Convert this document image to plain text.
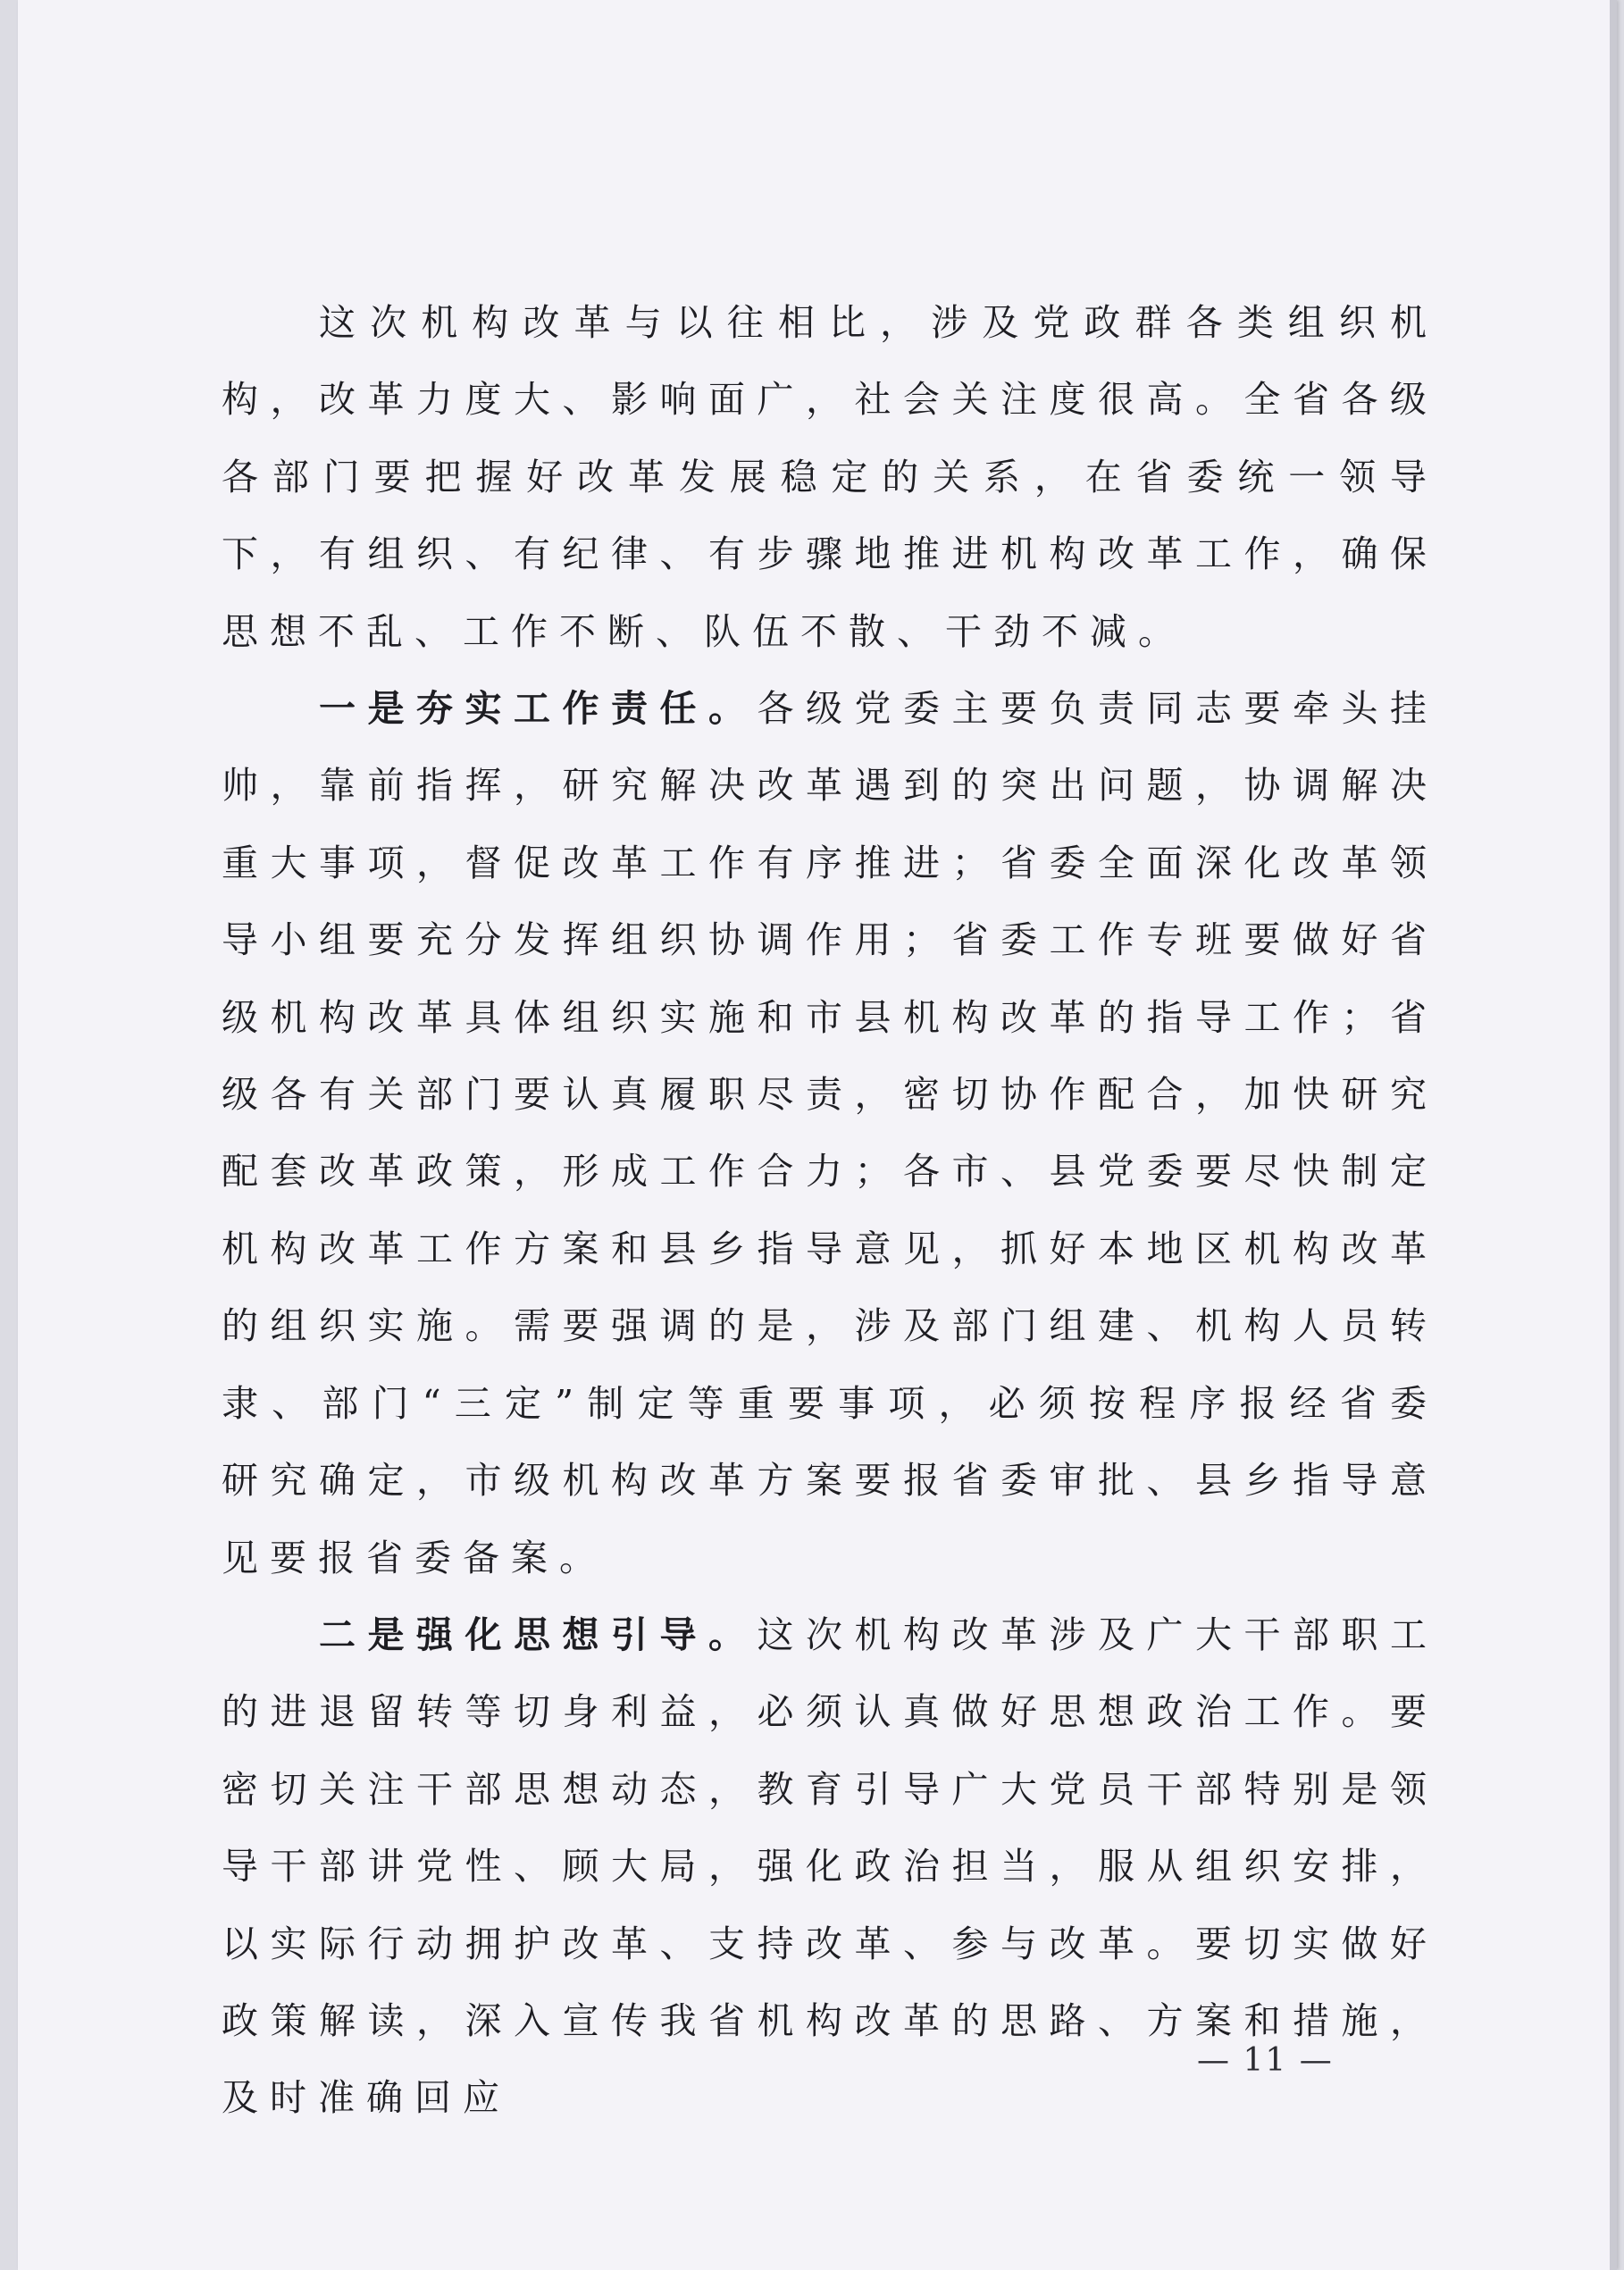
这次机构改革与以往相比，涉及党政群各类组织机构，改革力度大、影响面广，社会关注度很高。全省各级各部门要把握好改革发展稳定的关系，在省委统一领导下，有组织、有纪律、有步骤地推进机构改革工作，确保思想不乱、工作不断、队伍不散、干劲不减。

一是夯实工作责任。各级党委主要负责同志要牵头挂帅，靠前指挥，研究解决改革遇到的突出问题，协调解决重大事项，督促改革工作有序推进；省委全面深化改革领导小组要充分发挥组织协调作用；省委工作专班要做好省级机构改革具体组织实施和市县机构改革的指导工作；省级各有关部门要认真履职尽责，密切协作配合，加快研究配套改革政策，形成工作合力；各市、县党委要尽快制定机构改革工作方案和县乡指导意见，抓好本地区机构改革的组织实施。需要强调的是，涉及部门组建、机构人员转隶、部门“三定”制定等重要事项，必须按程序报经省委研究确定，市级机构改革方案要报省委审批、县乡指导意见要报省委备案。

二是强化思想引导。这次机构改革涉及广大干部职工的进退留转等切身利益，必须认真做好思想政治工作。要密切关注干部思想动态，教育引导广大党员干部特别是领导干部讲党性、顾大局，强化政治担当，服从组织安排，以实际行动拥护改革、支持改革、参与改革。要切实做好政策解读，深入宣传我省机构改革的思路、方案和措施，及时准确回应

— 11 —
